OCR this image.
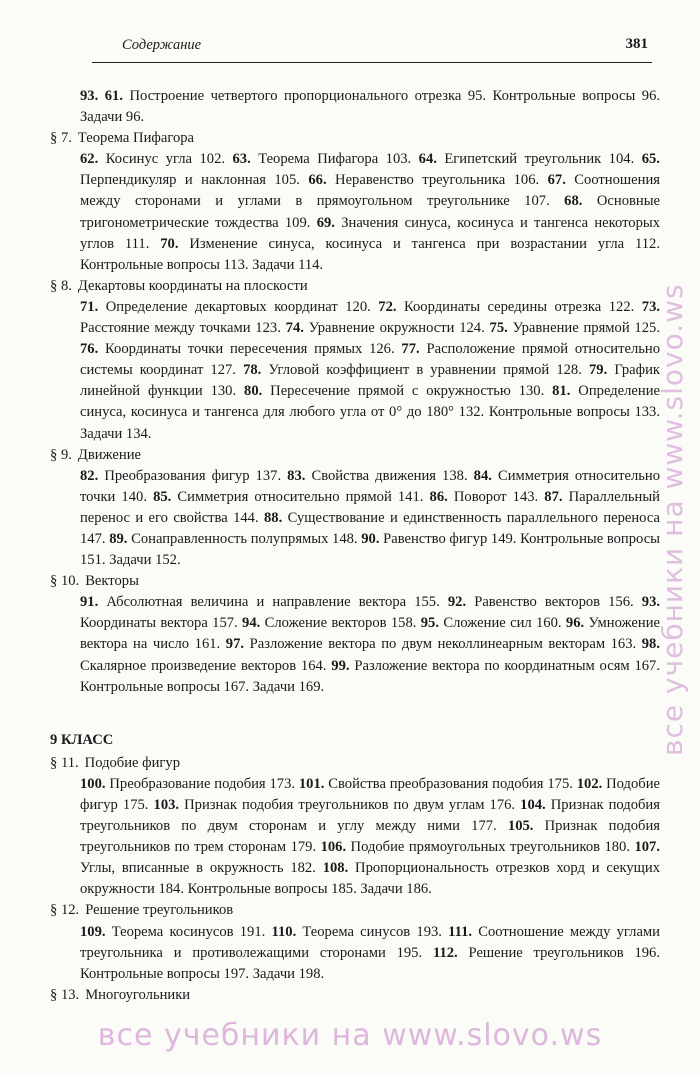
Содержание	381
93. 61. Построение четвертого пропорционального отрезка 95. Контрольные вопросы 96. Задачи 96.
§ 7. Теорема Пифагора
62. Косинус угла 102. 63. Теорема Пифагора 103. 64. Египетский треугольник 104. 65. Перпендикуляр и наклонная 105. 66. Неравенство треугольника 106. 67. Соотношения между сторонами и углами в прямоугольном треугольнике 107. 68. Основные тригонометрические тождества 109. 69. Значения синуса, косинуса и тангенса некоторых углов 111. 70. Изменение синуса, косинуса и тангенса при возрастании угла 112. Контрольные вопросы 113. Задачи 114.
§ 8. Декартовы координаты на плоскости
71. Определение декартовых координат 120. 72. Координаты середины отрезка 122. 73. Расстояние между точками 123. 74. Уравнение окружности 124. 75. Уравнение прямой 125. 76. Координаты точки пересечения прямых 126. 77. Расположение прямой относительно системы координат 127. 78. Угловой коэффициент в уравнении прямой 128. 79. График линейной функции 130. 80. Пересечение прямой с окружностью 130. 81. Определение синуса, косинуса и тангенса для любого угла от 0° до 180° 132. Контрольные вопросы 133. Задачи 134.
§ 9. Движение
82. Преобразования фигур 137. 83. Свойства движения 138. 84. Симметрия относительно точки 140. 85. Симметрия относительно прямой 141. 86. Поворот 143. 87. Параллельный перенос и его свойства 144. 88. Существование и единственность параллельного переноса 147. 89. Сонаправленность полупрямых 148. 90. Равенство фигур 149. Контрольные вопросы 151. Задачи 152.
§ 10. Векторы
91. Абсолютная величина и направление вектора 155. 92. Равенство векторов 156. 93. Координаты вектора 157. 94. Сложение векторов 158. 95. Сложение сил 160. 96. Умножение вектора на число 161. 97. Разложение вектора по двум неколлинеарным векторам 163. 98. Скалярное произведение векторов 164. 99. Разложение вектора по координатным осям 167. Контрольные вопросы 167. Задачи 169.
9 КЛАСС
§ 11. Подобие фигур
100. Преобразование подобия 173. 101. Свойства преобразования подобия 175. 102. Подобие фигур 175. 103. Признак подобия треугольников по двум углам 176. 104. Признак подобия треугольников по двум сторонам и углу между ними 177. 105. Признак подобия треугольников по трем сторонам 179. 106. Подобие прямоугольных треугольников 180. 107. Углы, вписанные в окружность 182. 108. Пропорциональность отрезков хорд и секущих окружности 184. Контрольные вопросы 185. Задачи 186.
§ 12. Решение треугольников
109. Теорема косинусов 191. 110. Теорема синусов 193. 111. Соотношение между углами треугольника и противолежащими сторонами 195. 112. Решение треугольников 196. Контрольные вопросы 197. Задачи 198.
§ 13. Многоугольники
все учебники на www.slovo.ws
все учебники на www.slovo.ws
